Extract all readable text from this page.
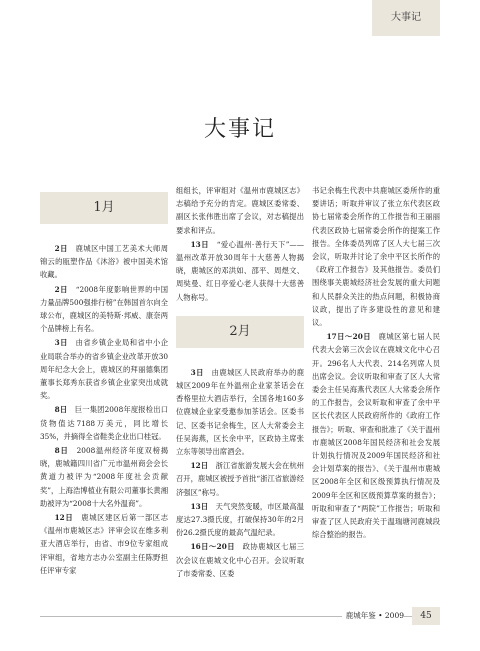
大事记
大事记
1月

2日　 鹿城区中国工艺美术大师周锦云的瓯塑作品《沐浴》被中国美术馆收藏。

2日　 “2008年度影响世界的中国力量品牌500强排行榜”在韩国首尔向全球公布，鹿城区的美特斯·邦威、康奈两个品牌榜上有名。

3日　 由省乡镇企业局和省中小企业局联合举办的省乡镇企业改革开放30周年纪念大会上，鹿城区的拜丽德集团董事长郑秀东获省乡镇企业家突出成就奖。

8日　 巨一集团2008年度报检出口货物值达7188万美元，同比增长35%，并摘得全省鞋类企业出口桂冠。

8日　 2008温州经济年度双榜揭晓，鹿城籍四川省广元市温州商会会长黄道力被评为“2008年度社会贡献奖”，上海浩博植业有限公司董事长黄湘助被评为“2008十大名外温商”。

12日　 鹿城区建区后第一部区志《温州市鹿城区志》评审会议在维多利亚大酒店举行，由省、市9位专家组成评审组，省地方志办公室副主任陈野担任评审专家

组组长，评审组对《温州市鹿城区志》志稿给予充分的肯定。鹿城区委常委、副区长张伟胜出席了会议，对志稿提出要求和评点。

13日　 “爱心温州·善行天下”——温州改革开放30周年十大慈善人物揭晓，鹿城区的邓洪如、邵平、周煜文、周奘曼、红日亭爱心老人获得十大慈善人物称号。

2月

3日　 由鹿城区人民政府举办的鹿城区2009年在外温州企业家茶话会在香格里拉大酒店举行，全国各地160多位鹿城企业家受邀参加茶话会。区委书记、区委书记余梅生，区人大常委会主任吴海燕，区长余中平，区政协主席张立东等领导出席酒会。

12日　 浙江省旅游发展大会在杭州召开，鹿城区被授予首批“浙江省旅游经济强区”称号。

13日　 天气突然变暖，市区最高温度达27.3摄氏度，打破保持30年的2月份26.2摄氏度的最高气温纪录。

16日～20日　 政协鹿城区七届三次会议在鹿城文化中心召开。会议听取了市委常委、区委

书记余梅生代表中共鹿城区委所作的重要讲话；听取并审议了张立东代表区政协七届常委会所作的工作报告和王丽丽代表区政协七届常委会所作的提案工作报告。全体委员列席了区人大七届三次会议，听取并讨论了余中平区长所作的《政府工作报告》及其他报告。委员们围绕事关鹿城经济社会发展的重大问题和人民群众关注的热点问题，积极协商议政，提出了许多建设性的意见和建议。

17日～20日　 鹿城区第七届人民代表大会第三次会议在鹿城文化中心召开。296名人大代表、214名列席人员出席会议。会议听取和审查了区人大常委会主任吴海燕代表区人大常委会所作的工作报告，会议听取和审查了余中平区长代表区人民政府所作的《政府工作报告》；听取、审查和批准了《关于温州市鹿城区2008年国民经济和社会发展计划执行情况及2009年国民经济和社会计划草案的报告》、《关于温州市鹿城区2008年全区和区级预算执行情况及2009年全区和区级预算草案的报告》；听取和审查了“两院”工作报告；听取和审查了区人民政府关于温瑞塘河鹿城段综合整治的报告。

鹿城年鉴 • 2009	45
